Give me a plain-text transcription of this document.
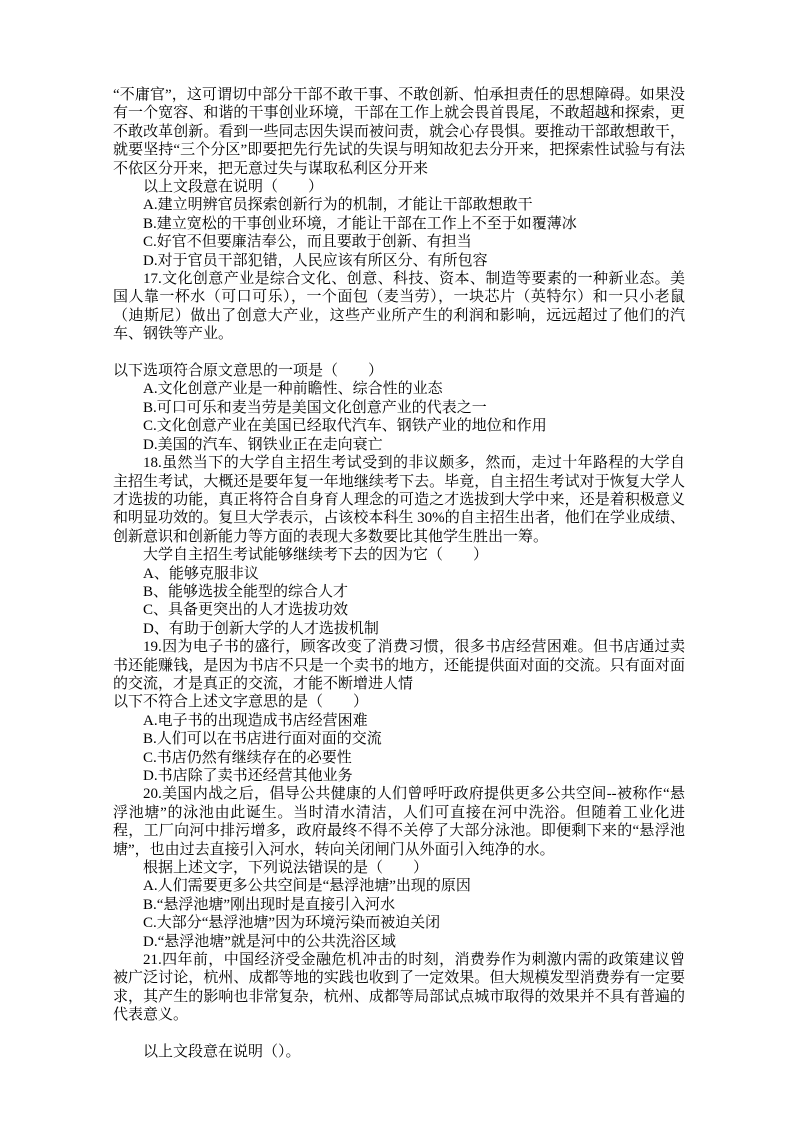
“不庸官”，这可谓切中部分干部不敢干事、不敢创新、怕承担责任的思想障碍。如果没有一个宽容、和谐的干事创业环境，干部在工作上就会畏首畏尾，不敢超越和探索，更不敢改革创新。看到一些同志因失误而被问责，就会心存畏惧。要推动干部敢想敢干，就要坚持“三个分区”即要把先行先试的失误与明知故犯去分开来，把探索性试验与有法不依区分开来，把无意过失与谋取私利区分开来
以上文段意在说明（　　）
A.建立明辨官员探索创新行为的机制，才能让干部敢想敢干
B.建立宽松的干事创业环境，才能让干部在工作上不至于如覆薄冰
C.好官不但要廉洁奉公，而且要敢于创新、有担当
D.对于官员干部犯错，人民应该有所区分、有所包容
17.文化创意产业是综合文化、创意、科技、资本、制造等要素的一种新业态。美国人靠一杯水（可口可乐），一个面包（麦当劳），一块芯片（英特尔）和一只小老鼠（迪斯尼）做出了创意大产业，这些产业所产生的利润和影响，远远超过了他们的汽车、钢铁等产业。
以下选项符合原文意思的一项是（　　）
A.文化创意产业是一种前瞻性、综合性的业态
B.可口可乐和麦当劳是美国文化创意产业的代表之一
C.文化创意产业在美国已经取代汽车、钢铁产业的地位和作用
D.美国的汽车、钢铁业正在走向衰亡
18.虽然当下的大学自主招生考试受到的非议颇多，然而，走过十年路程的大学自主招生考试，大概还是要年复一年地继续考下去。毕竟，自主招生考试对于恢复大学人才选拔的功能，真正将符合自身育人理念的可造之才选拔到大学中来，还是着积极意义和明显功效的。复旦大学表示，占该校本科生 30%的自主招生出者，他们在学业成绩、创新意识和创新能力等方面的表现大多数要比其他学生胜出一筹。
大学自主招生考试能够继续考下去的因为它（　　）
A、能够克服非议
B、能够选拔全能型的综合人才
C、具备更突出的人才选拔功效
D、有助于创新大学的人才选拔机制
19.因为电子书的盛行，顾客改变了消费习惯，很多书店经营困难。但书店通过卖书还能赚钱，是因为书店不只是一个卖书的地方，还能提供面对面的交流。只有面对面的交流，才是真正的交流，才能不断增进人情
以下不符合上述文字意思的是（　　）
A.电子书的出现造成书店经营困难
B.人们可以在书店进行面对面的交流
C.书店仍然有继续存在的必要性
D.书店除了卖书还经营其他业务
20.美国内战之后，倡导公共健康的人们曾呼吁政府提供更多公共空间--被称作“悬浮池塘”的泳池由此诞生。当时清水清洁，人们可直接在河中洗浴。但随着工业化进程，工厂向河中排污增多，政府最终不得不关停了大部分泳池。即便剩下来的“悬浮池塘”，也由过去直接引入河水，转向关闭闸门从外面引入纯净的水。
根据上述文字，下列说法错误的是（　　）
A.人们需要更多公共空间是“悬浮池塘”出现的原因
B.“悬浮池塘”刚出现时是直接引入河水
C.大部分“悬浮池塘”因为环境污染而被迫关闭
D.“悬浮池塘”就是河中的公共洗浴区域
21.四年前，中国经济受金融危机冲击的时刻，消费券作为刺激内需的政策建议曾被广泛讨论，杭州、成都等地的实践也收到了一定效果。但大规模发型消费券有一定要求，其产生的影响也非常复杂，杭州、成都等局部试点城市取得的效果并不具有普遍的代表意义。
以上文段意在说明（）。
